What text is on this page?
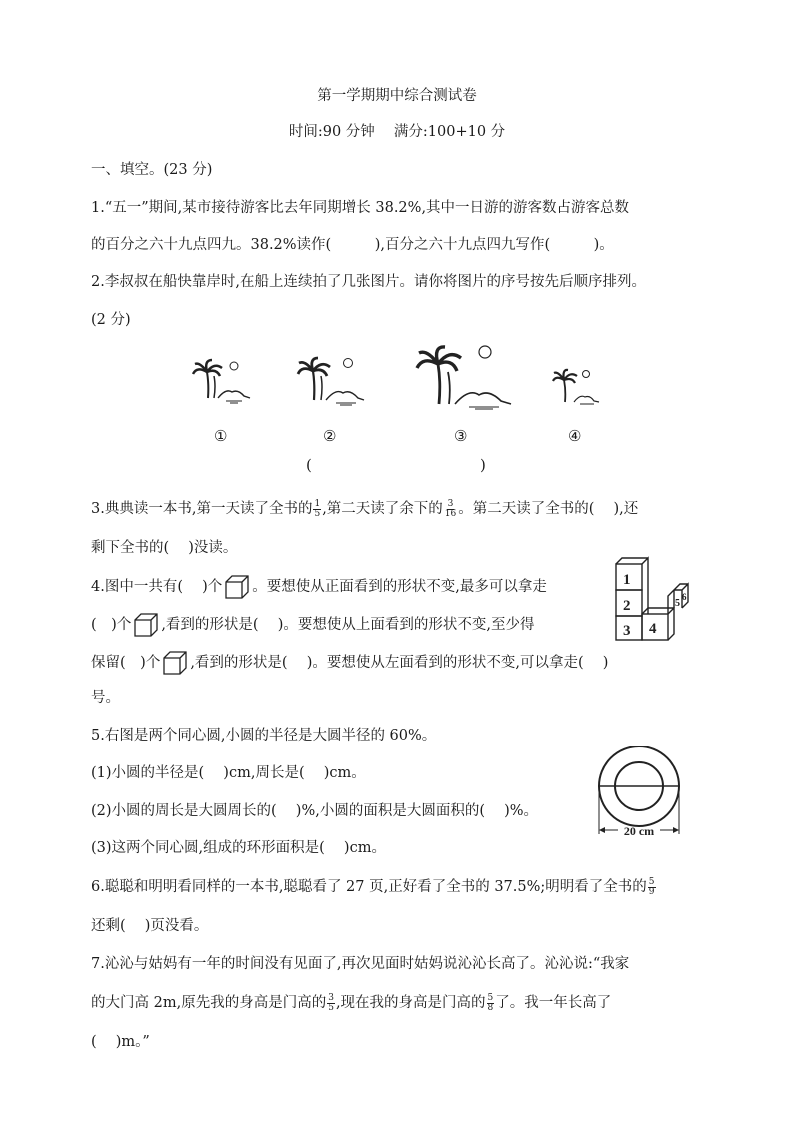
第一学期期中综合测试卷
时间:90 分钟　 满分:100+10 分
一、填空。(23 分)
1.“五一”期间,某市接待游客比去年同期增长 38.2%,其中一日游的游客数占游客总数
的百分之六十九点四九。38.2%读作(　　　),百分之六十九点四九写作(　　　)。
2.李叔叔在船快靠岸时,在船上连续拍了几张图片。请你将图片的序号按先后顺序排列。
(2 分)
①	②	③	④
(	)
3.典典读一本书,第一天读了全书的 $\frac{1}{5}$ ,第二天读了余下的 $\frac{3}{16}$ 。第二天读了全书的(　 ),还
剩下全书的(　 )没读。
4.图中一共有(　 )个 。要想使从正面看到的形状不变,最多可以拿走
(　)个 ,看到的形状是(　 )。要想使从上面看到的形状不变,至少得
保留(　)个 ,看到的形状是(　 )。要想使从左面看到的形状不变,可以拿走(　 )
号。
1
2
3 4
5
6
5.右图是两个同心圆,小圆的半径是大圆半径的 60%。
(1)小圆的半径是(　 )cm,周长是(　 )cm。
(2)小圆的周长是大圆周长的(　 )%,小圆的面积是大圆面积的(　 )%。
(3)这两个同心圆,组成的环形面积是(　 )cm。
20 cm
6.聪聪和明明看同样的一本书,聪聪看了 27 页,正好看了全书的 37.5%;明明看了全书的 $\frac{5}{9}$
还剩(　 )页没看。
7.沁沁与姑妈有一年的时间没有见面了,再次见面时姑妈说沁沁长高了。沁沁说:“我家
的大门高 2m,原先我的身高是门高的 $\frac{3}{5}$ ,现在我的身高是门高的 $\frac{5}{8}$ 了。我一年长高了
(　 )m。”
